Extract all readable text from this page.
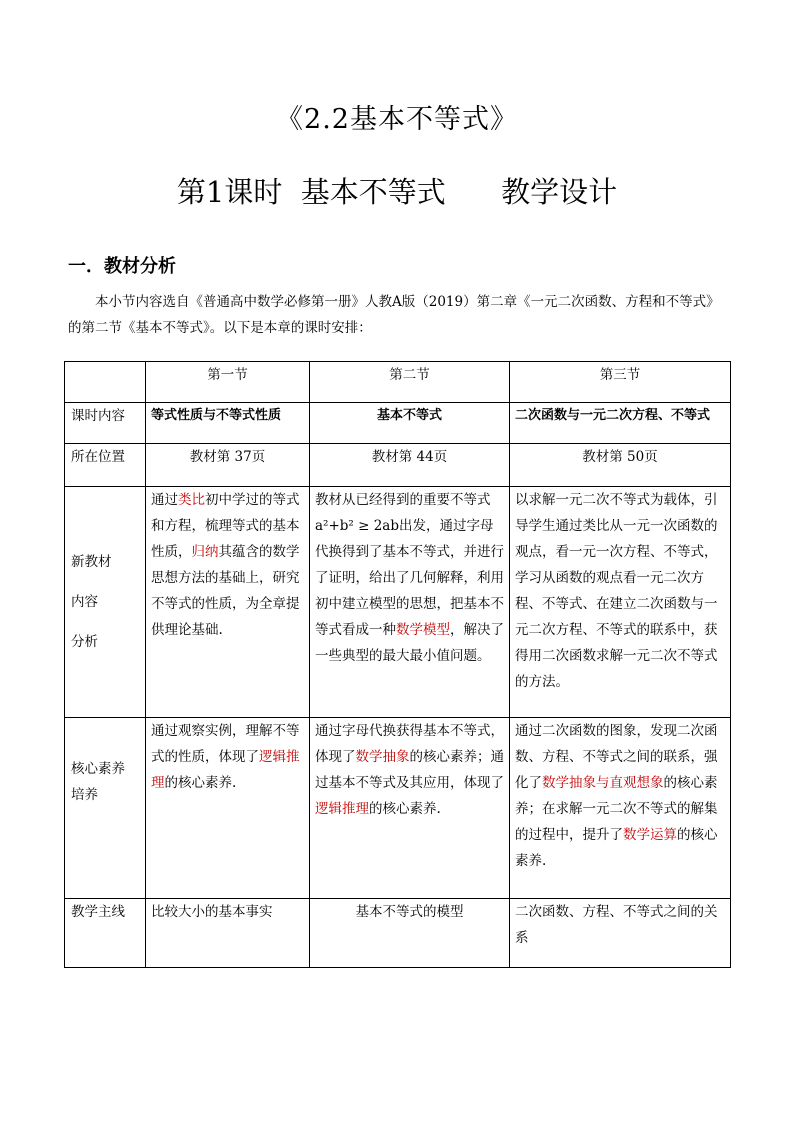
《2.2基本不等式》
第1课时  基本不等式      教学设计
一．教材分析
本小节内容选自《普通高中数学必修第一册》人教A版（2019）第二章《一元二次函数、方程和不等式》的第二节《基本不等式》。以下是本章的课时安排：
	第一节	第二节	第三节
课时内容	等式性质与不等式性质	基本不等式	二次函数与一元二次方程、不等式
所在位置	教材第 37页	教材第 44页	教材第 50页

新教材
内容
分析	通过类比初中学过的等式和方程，梳理等式的基本性质，归纳其蕴含的数学思想方法的基础上，研究不等式的性质，为全章提供理论基础.	教材从已经得到的重要不等式 a²+b² ≥ 2ab出发，通过字母代换得到了基本不等式，并进行了证明，给出了几何解释，利用初中建立模型的思想，把基本不等式看成一种数学模型，解决了一些典型的最大最小值问题。	以求解一元二次不等式为载体，引导学生通过类比从一元一次函数的观点，看一元一次方程、不等式，学习从函数的观点看一元二次方程、不等式、在建立二次函数与一元二次方程、不等式的联系中，获得用二次函数求解一元二次不等式的方法。

核心素养
培养	通过观察实例，理解不等式的性质，体现了逻辑推理的核心素养.	通过字母代换获得基本不等式，体现了数学抽象的核心素养；通过基本不等式及其应用，体现了逻辑推理的核心素养.	通过二次函数的图象，发现二次函数、方程、不等式之间的联系，强化了数学抽象与直观想象的核心素养；在求解一元二次不等式的解集的过程中，提升了数学运算的核心素养.
教学主线	比较大小的基本事实	基本不等式的模型	二次函数、方程、不等式之间的关系
